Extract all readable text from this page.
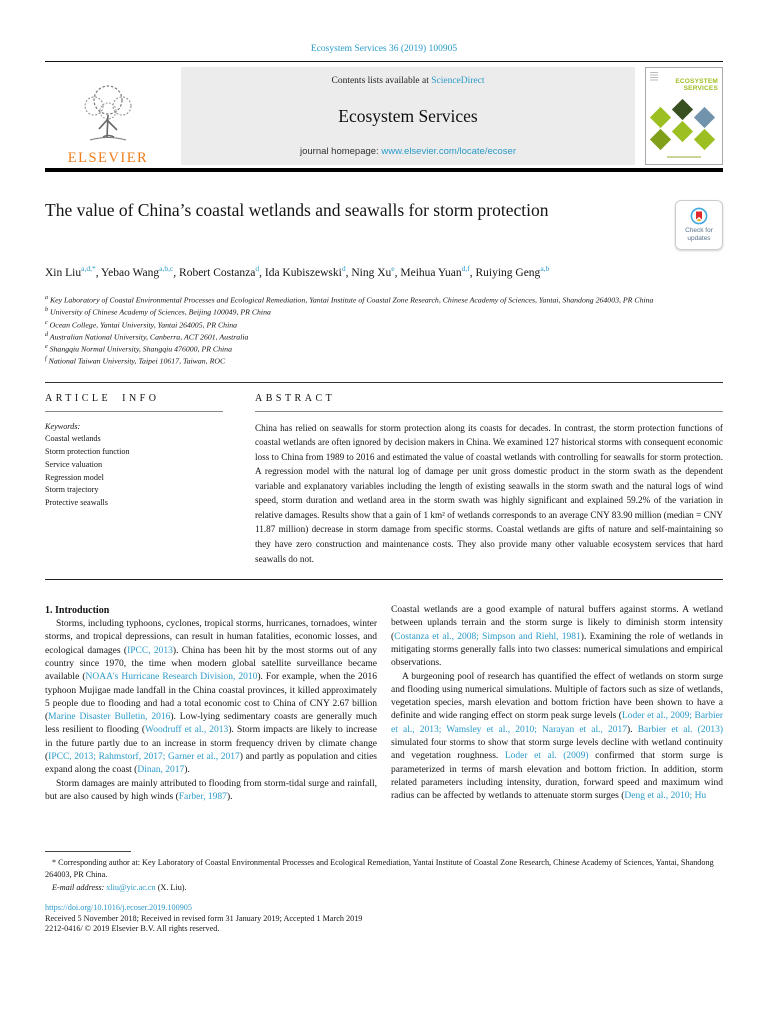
Ecosystem Services 36 (2019) 100905
ELSEVIER
Contents lists available at ScienceDirect
Ecosystem Services
journal homepage: www.elsevier.com/locate/ecoser
ECOSYSTEM
SERVICES
The value of China’s coastal wetlands and seawalls for storm protection
Check for updates
Xin Liu$^{a,d,*}$, Yebao Wang$^{a,b,c}$, Robert Costanza$^d$, Ida Kubiszewski$^d$, Ning Xu$^e$, Meihua Yuan$^{d,f}$, Ruiying Geng$^{a,b}$
$^a$ Key Laboratory of Coastal Environmental Processes and Ecological Remediation, Yantai Institute of Coastal Zone Research, Chinese Academy of Sciences, Yantai, Shandong 264003, PR China
$^b$ University of Chinese Academy of Sciences, Beijing 100049, PR China
$^c$ Ocean College, Yantai University, Yantai 264005, PR China
$^d$ Australian National University, Canberra, ACT 2601, Australia
$^e$ Shangqiu Normal University, Shangqiu 476000, PR China
$^f$ National Taiwan University, Taipei 10617, Taiwan, ROC
ARTICLE INFO
Keywords:
Coastal wetlands
Storm protection function
Service valuation
Regression model
Storm trajectory
Protective seawalls
ABSTRACT
China has relied on seawalls for storm protection along its coasts for decades. In contrast, the storm protection functions of coastal wetlands are often ignored by decision makers in China. We examined 127 historical storms with consequent economic loss to China from 1989 to 2016 and estimated the value of coastal wetlands with controlling for seawalls for storm protection. A regression model with the natural log of damage per unit gross domestic product in the storm swath as the dependent variable and explanatory variables including the length of existing seawalls in the storm swath and the natural logs of wind speed, storm duration and wetland area in the storm swath was highly significant and explained 59.2% of the variation in relative damages. Results show that a gain of 1 km² of wetlands corresponds to an average CNY 83.90 million (median = CNY 11.87 million) decrease in storm damage from specific storms. Coastal wetlands are gifts of nature and self-maintaining so they have zero construction and maintenance costs. They also provide many other valuable ecosystem services that hard seawalls do not.

1. Introduction

Storms, including typhoons, cyclones, tropical storms, hurricanes, tornadoes, winter storms, and tropical depressions, can result in human fatalities, economic losses, and ecological damages (IPCC, 2013). China has been hit by the most storms out of any country since 1970, the time when modern global satellite surveillance became available (NOAA's Hurricane Research Division, 2010). For example, when the 2016 typhoon Mujigae made landfall in the China coastal provinces, it killed approximately 5 people due to flooding and had a total economic cost to China of CNY 2.67 billion (Marine Disaster Bulletin, 2016). Low-lying sedimentary coasts are generally much less resilient to flooding (Woodruff et al., 2013). Storm impacts are likely to increase in the future partly due to an increase in storm frequency driven by climate change (IPCC, 2013; Rahmstorf, 2017; Garner et al., 2017) and partly as population and cities expand along the coast (Dinan, 2017).

Storm damages are mainly attributed to flooding from storm-tidal surge and rainfall, but are also caused by high winds (Farber, 1987).

Coastal wetlands are a good example of natural buffers against storms. A wetland between uplands terrain and the storm surge is likely to diminish storm intensity (Costanza et al., 2008; Simpson and Riehl, 1981). Examining the role of wetlands in mitigating storms generally falls into two classes: numerical simulations and empirical observations.

A burgeoning pool of research has quantified the effect of wetlands on storm surge and flooding using numerical simulations. Multiple of factors such as size of wetlands, vegetation species, marsh elevation and bottom friction have been shown to have a definite and wide ranging effect on storm peak surge levels (Loder et al., 2009; Barbier et al., 2013; Wamsley et al., 2010; Narayan et al., 2017). Barbier et al. (2013) simulated four storms to show that storm surge levels decline with wetland continuity and vegetation roughness. Loder et al. (2009) confirmed that storm surge is parameterized in terms of marsh elevation and bottom friction. In addition, storm related parameters including intensity, duration, forward speed and maximum wind radius can be affected by wetlands to attenuate storm surges (Deng et al., 2010; Hu

* Corresponding author at: Key Laboratory of Coastal Environmental Processes and Ecological Remediation, Yantai Institute of Coastal Zone Research, Chinese Academy of Sciences, Yantai, Shandong 264003, PR China.
E-mail address: xliu@yic.ac.cn (X. Liu).
https://doi.org/10.1016/j.ecoser.2019.100905
Received 5 November 2018; Received in revised form 31 January 2019; Accepted 1 March 2019
2212-0416/ © 2019 Elsevier B.V. All rights reserved.
